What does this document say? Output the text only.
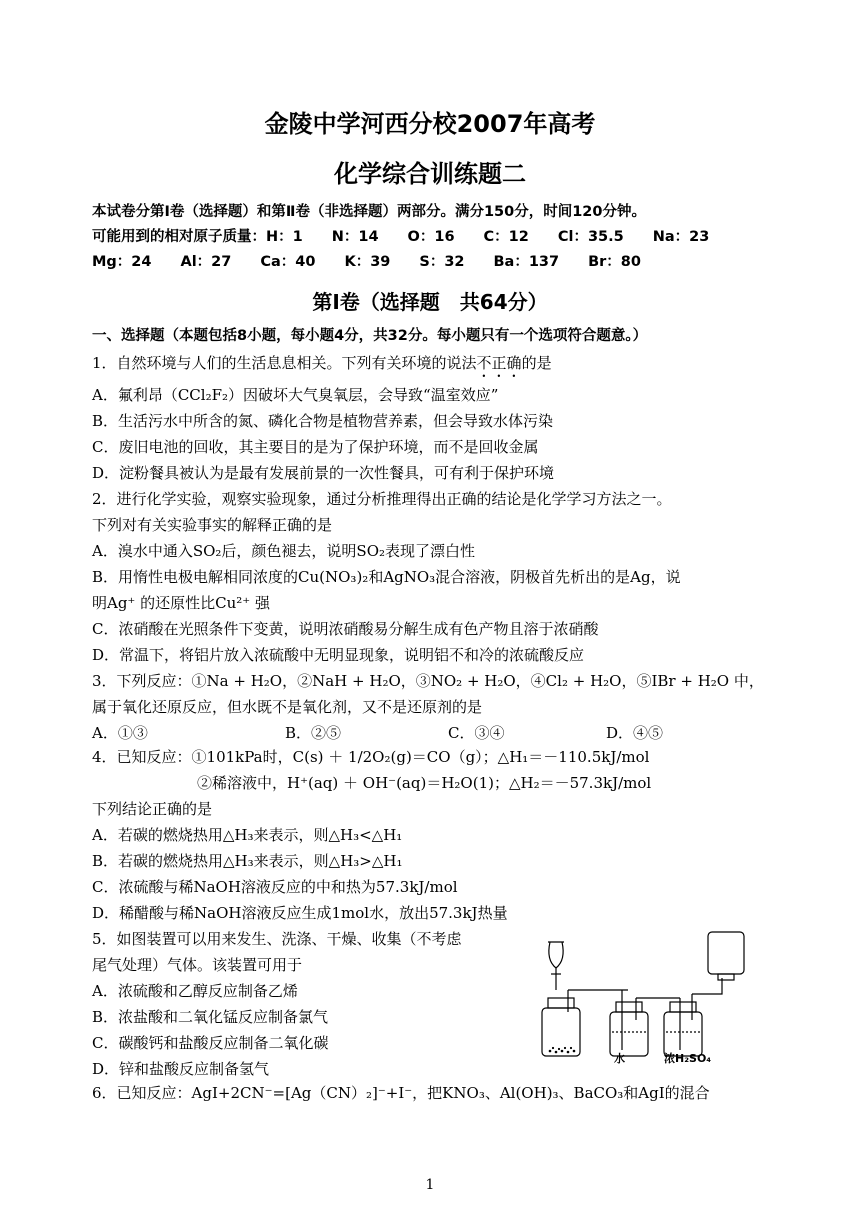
金陵中学河西分校2007年高考
化学综合训练题二
本试卷分第Ⅰ卷（选择题）和第Ⅱ卷（非选择题）两部分。满分150分，时间120分钟。
可能用到的相对原子质量：H：1　　N：14　　O：16　　C：12　　Cl：35.5　　Na：23
Mg：24　　Al：27　　Ca：40　　K：39　　S：32　　Ba：137　　Br：80
第Ⅰ卷（选择题　共64分）
一、选择题（本题包括8小题，每小题4分，共32分。每小题只有一个选项符合题意。）
1．自然环境与人们的生活息息相关。下列有关环境的说法不正确的是
A．氟利昂（CCl₂F₂）因破坏大气臭氧层，会导致“温室效应”
B．生活污水中所含的氮、磷化合物是植物营养素，但会导致水体污染
C．废旧电池的回收，其主要目的是为了保护环境，而不是回收金属
D．淀粉餐具被认为是最有发展前景的一次性餐具，可有利于保护环境
2．进行化学实验，观察实验现象，通过分析推理得出正确的结论是化学学习方法之一。
下列对有关实验事实的解释正确的是
A．溴水中通入SO₂后，颜色褪去，说明SO₂表现了漂白性
B．用惰性电极电解相同浓度的Cu(NO₃)₂和AgNO₃混合溶液，阴极首先析出的是Ag，说
明Ag⁺ 的还原性比Cu²⁺ 强
C．浓硝酸在光照条件下变黄，说明浓硝酸易分解生成有色产物且溶于浓硝酸
D．常温下，将铝片放入浓硫酸中无明显现象，说明铝不和冷的浓硫酸反应
3．下列反应：①Na + H₂O，②NaH + H₂O，③NO₂ + H₂O，④Cl₂ + H₂O，⑤IBr + H₂O 中，
属于氧化还原反应，但水既不是氧化剂，又不是还原剂的是
A．①③	B．②⑤	C．③④	D．④⑤
4．已知反应：①101kPa时，C(s) ＋ 1/2O₂(g)＝CO（g）；△H₁＝－110.5kJ/mol
②稀溶液中，H⁺(aq) ＋ OH⁻(aq)＝H₂O(1)；△H₂＝－57.3kJ/mol
下列结论正确的是
A．若碳的燃烧热用△H₃来表示，则△H₃<△H₁
B．若碳的燃烧热用△H₃来表示，则△H₃>△H₁
C．浓硫酸与稀NaOH溶液反应的中和热为57.3kJ/mol
D．稀醋酸与稀NaOH溶液反应生成1mol水，放出57.3kJ热量
5．如图装置可以用来发生、洗涤、干燥、收集（不考虑
尾气处理）气体。该装置可用于
A．浓硫酸和乙醇反应制备乙烯
B．浓盐酸和二氧化锰反应制备氯气
C．碳酸钙和盐酸反应制备二氧化碳
D．锌和盐酸反应制备氢气
水	浓H₂SO₄
6．已知反应：AgI+2CN⁻=[Ag（CN）₂]⁻+I⁻，把KNO₃、Al(OH)₃、BaCO₃和AgI的混合
1
